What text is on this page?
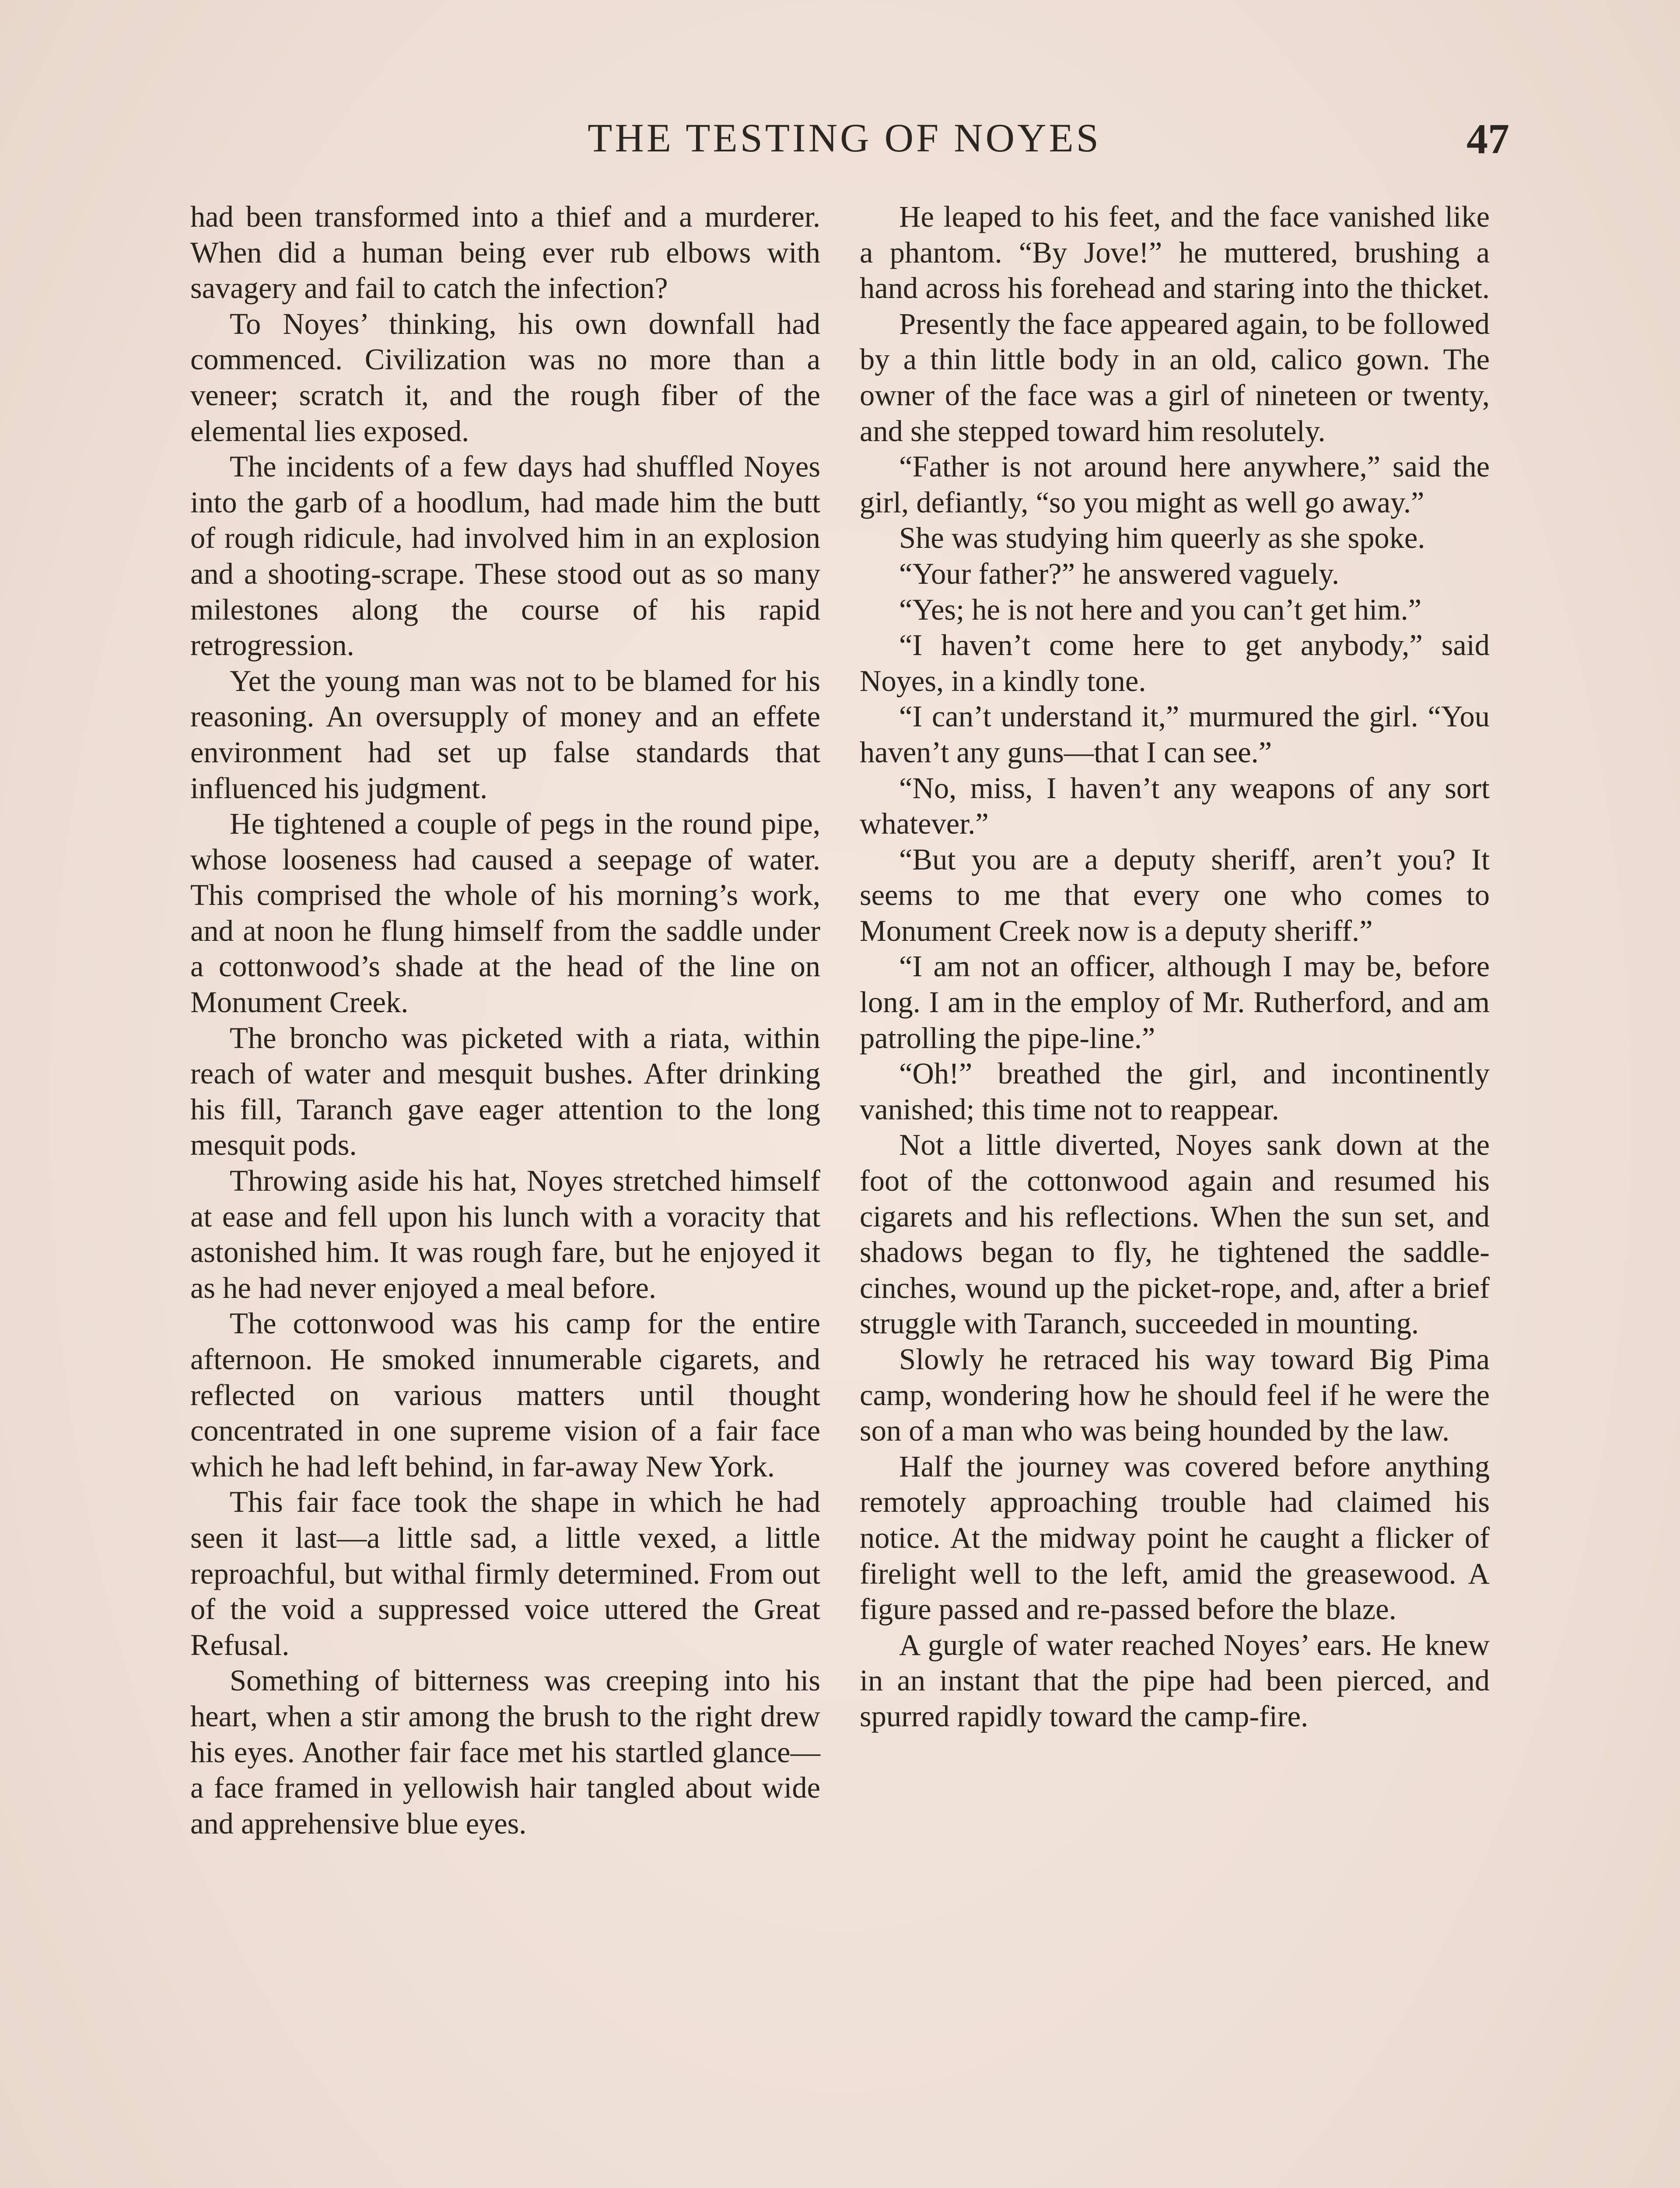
THE TESTING OF NOYES	47

had been transformed into a thief and a murderer. When did a human being ever rub elbows with savagery and fail to catch the infection?

To Noyes’ thinking, his own downfall had commenced. Civilization was no more than a veneer; scratch it, and the rough fiber of the elemental lies exposed.

The incidents of a few days had shuffled Noyes into the garb of a hoodlum, had made him the butt of rough ridicule, had involved him in an explosion and a shooting-scrape. These stood out as so many milestones along the course of his rapid retrogression.

Yet the young man was not to be blamed for his reasoning. An oversupply of money and an effete environment had set up false standards that influenced his judgment.

He tightened a couple of pegs in the round pipe, whose looseness had caused a seepage of water. This comprised the whole of his morning’s work, and at noon he flung himself from the saddle under a cottonwood’s shade at the head of the line on Monument Creek.

The broncho was picketed with a riata, within reach of water and mesquit bushes. After drinking his fill, Taranch gave eager attention to the long mesquit pods.

Throwing aside his hat, Noyes stretched himself at ease and fell upon his lunch with a voracity that astonished him. It was rough fare, but he enjoyed it as he had never enjoyed a meal before.

The cottonwood was his camp for the entire afternoon. He smoked innumerable cigarets, and reflected on various matters until thought concentrated in one supreme vision of a fair face which he had left behind, in far-away New York.

This fair face took the shape in which he had seen it last—a little sad, a little vexed, a little reproachful, but withal firmly determined. From out of the void a suppressed voice uttered the Great Refusal.

Something of bitterness was creeping into his heart, when a stir among the brush to the right drew his eyes. Another fair face met his startled glance—a face framed in yellowish hair tangled about wide and apprehensive blue eyes.

He leaped to his feet, and the face vanished like a phantom. “By Jove!” he muttered, brushing a hand across his forehead and staring into the thicket.

Presently the face appeared again, to be followed by a thin little body in an old, calico gown. The owner of the face was a girl of nineteen or twenty, and she stepped toward him resolutely.

“Father is not around here anywhere,” said the girl, defiantly, “so you might as well go away.”

She was studying him queerly as she spoke.

“Your father?” he answered vaguely.

“Yes; he is not here and you can’t get him.”

“I haven’t come here to get anybody,” said Noyes, in a kindly tone.

“I can’t understand it,” murmured the girl. “You haven’t any guns—that I can see.”

“No, miss, I haven’t any weapons of any sort whatever.”

“But you are a deputy sheriff, aren’t you? It seems to me that every one who comes to Monument Creek now is a deputy sheriff.”

“I am not an officer, although I may be, before long. I am in the employ of Mr. Rutherford, and am patrolling the pipe-line.”

“Oh!” breathed the girl, and incontinently vanished; this time not to reappear.

Not a little diverted, Noyes sank down at the foot of the cottonwood again and resumed his cigarets and his reflections. When the sun set, and shadows began to fly, he tightened the saddle-cinches, wound up the picket-rope, and, after a brief struggle with Taranch, succeeded in mounting.

Slowly he retraced his way toward Big Pima camp, wondering how he should feel if he were the son of a man who was being hounded by the law.

Half the journey was covered before anything remotely approaching trouble had claimed his notice. At the midway point he caught a flicker of firelight well to the left, amid the greasewood. A figure passed and re-passed before the blaze.

A gurgle of water reached Noyes’ ears. He knew in an instant that the pipe had been pierced, and spurred rapidly toward the camp-fire.
